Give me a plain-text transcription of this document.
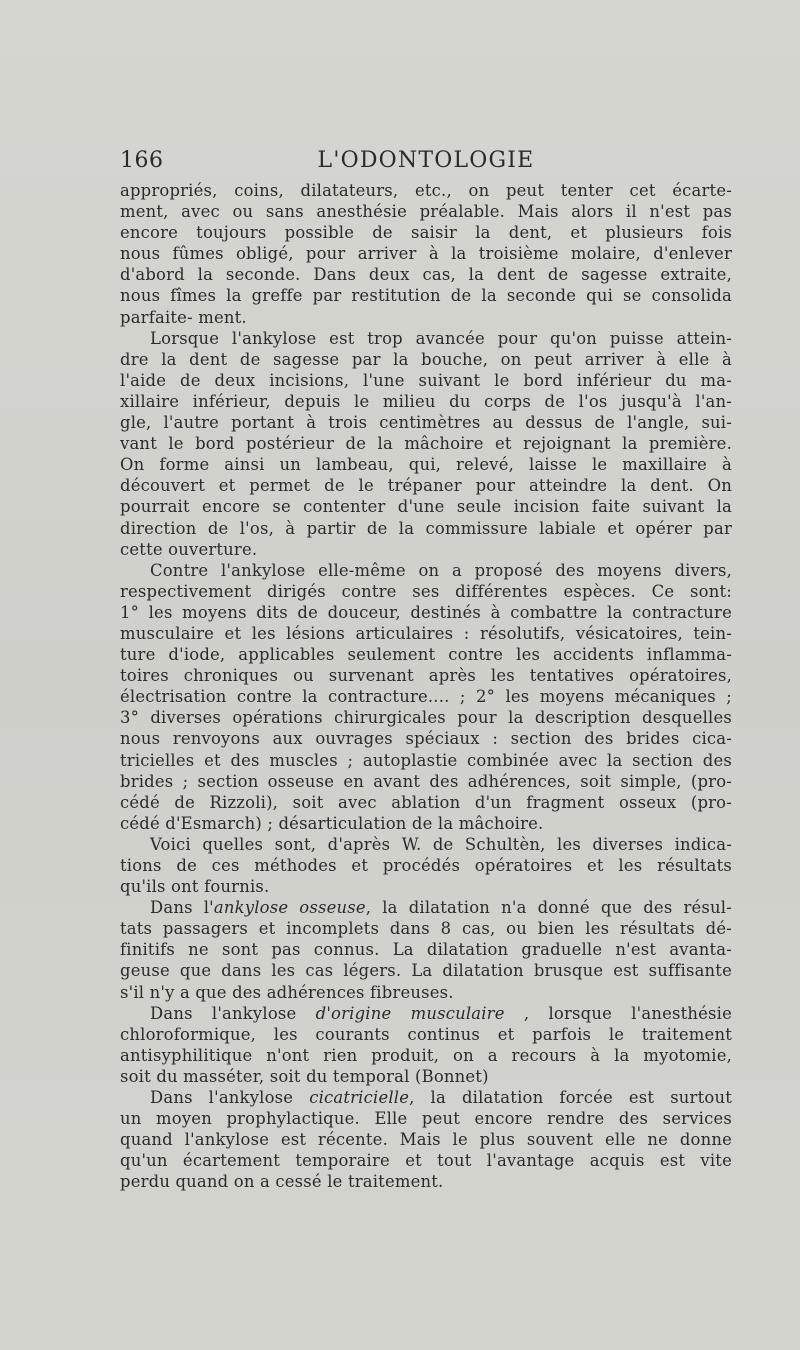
166	L'ODONTOLOGIE
appropriés, coins, dilatateurs, etc., on peut tenter cet écarte-
ment, avec ou sans anesthésie préalable. Mais alors il n'est pas
encore toujours possible de saisir la dent, et plusieurs fois
nous fûmes obligé, pour arriver à la troisième molaire, d'enlever
d'abord la seconde. Dans deux cas, la dent de sagesse extraite,
nous fîmes la greffe par restitution de la seconde qui se consolida
parfaite- ment.
Lorsque l'ankylose est trop avancée pour qu'on puisse attein-
dre la dent de sagesse par la bouche, on peut arriver à elle à
l'aide de deux incisions, l'une suivant le bord inférieur du ma-
xillaire inférieur, depuis le milieu du corps de l'os jusqu'à l'an-
gle, l'autre portant à trois centimètres au dessus de l'angle, sui-
vant le bord postérieur de la mâchoire et rejoignant la première.
On forme ainsi un lambeau, qui, relevé, laisse le maxillaire à
découvert et permet de le trépaner pour atteindre la dent. On
pourrait encore se contenter d'une seule incision faite suivant la
direction de l'os, à partir de la commissure labiale et opérer par
cette ouverture.
Contre l'ankylose elle-même on a proposé des moyens divers,
respectivement dirigés contre ses différentes espèces. Ce sont:
1° les moyens dits de douceur, destinés à combattre la contracture
musculaire et les lésions articulaires : résolutifs, vésicatoires, tein-
ture d'iode, applicables seulement contre les accidents inflamma-
toires chroniques ou survenant après les tentatives opératoires,
électrisation contre la contracture.... ; 2° les moyens mécaniques ;
3° diverses opérations chirurgicales pour la description desquelles
nous renvoyons aux ouvrages spéciaux : section des brides cica-
tricielles et des muscles ; autoplastie combinée avec la section des
brides ; section osseuse en avant des adhérences, soit simple, (pro-
cédé de Rizzoli), soit avec ablation d'un fragment osseux (pro-
cédé d'Esmarch) ; désarticulation de la mâchoire.
Voici quelles sont, d'après W. de Schultèn, les diverses indica-
tions de ces méthodes et procédés opératoires et les résultats
qu'ils ont fournis.
Dans l'ankylose osseuse, la dilatation n'a donné que des résul-
tats passagers et incomplets dans 8 cas, ou bien les résultats dé-
finitifs ne sont pas connus. La dilatation graduelle n'est avanta-
geuse que dans les cas légers. La dilatation brusque est suffisante
s'il n'y a que des adhérences fibreuses.
Dans l'ankylose d'origine musculaire , lorsque l'anesthésie
chloroformique, les courants continus et parfois le traitement
antisyphilitique n'ont rien produit, on a recours à la myotomie,
soit du masséter, soit du temporal (Bonnet)
Dans l'ankylose cicatricielle, la dilatation forcée est surtout
un moyen prophylactique. Elle peut encore rendre des services
quand l'ankylose est récente. Mais le plus souvent elle ne donne
qu'un écartement temporaire et tout l'avantage acquis est vite
perdu quand on a cessé le traitement.
